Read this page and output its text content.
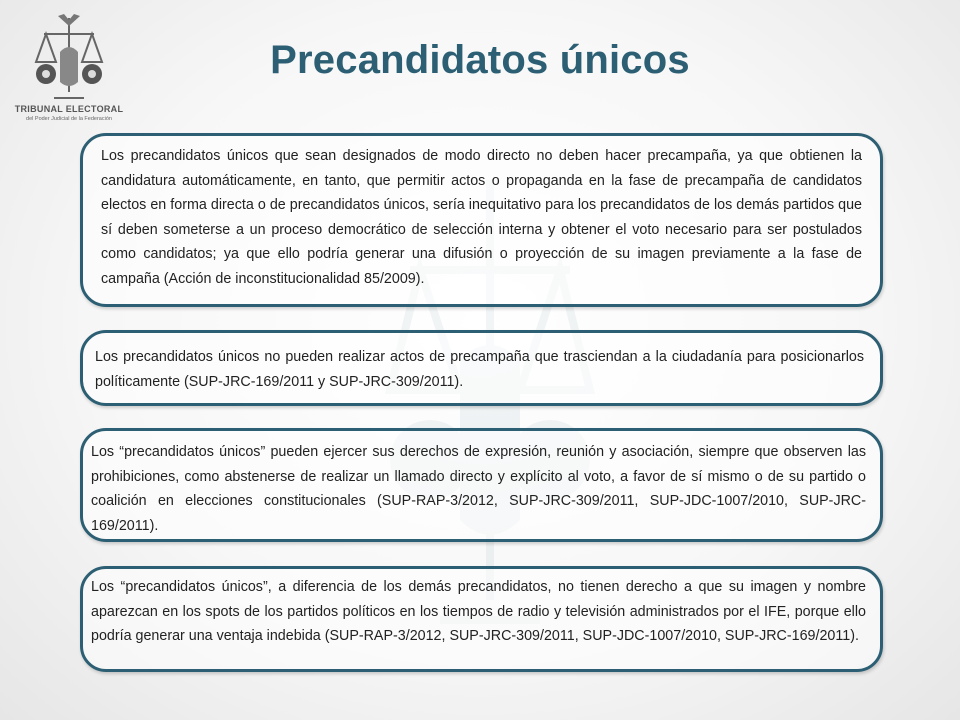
TRIBUNAL ELECTORAL
del Poder Judicial de la Federación
Precandidatos únicos

Los precandidatos únicos que sean designados de modo directo no deben hacer precampaña, ya que obtienen la candidatura automáticamente, en tanto, que permitir actos o propaganda en la fase de precampaña de candidatos electos en forma directa o de precandidatos únicos, sería inequitativo para los precandidatos de los demás partidos que sí deben someterse a un proceso democrático de selección interna y obtener el voto necesario para ser postulados como candidatos; ya que ello podría generar una difusión o proyección de su imagen previamente a la fase de campaña (Acción de inconstitucionalidad 85/2009).

Los precandidatos únicos no pueden realizar actos de precampaña que trasciendan a la ciudadanía para posicionarlos políticamente (SUP-JRC-169/2011 y SUP-JRC-309/2011).

Los “precandidatos únicos” pueden ejercer sus derechos de expresión, reunión y asociación, siempre que observen las prohibiciones, como abstenerse de realizar un llamado directo y explícito al voto, a favor de sí mismo o de su partido o coalición en elecciones constitucionales (SUP-RAP-3/2012, SUP-JRC-309/2011, SUP-JDC-1007/2010, SUP-JRC-169/2011).

Los “precandidatos únicos”, a diferencia de los demás precandidatos, no tienen derecho a que su imagen y nombre aparezcan en los spots de los partidos políticos en los tiempos de radio y televisión administrados por el IFE, porque ello podría generar una ventaja indebida (SUP-RAP-3/2012, SUP-JRC-309/2011, SUP-JDC-1007/2010, SUP-JRC-169/2011).
